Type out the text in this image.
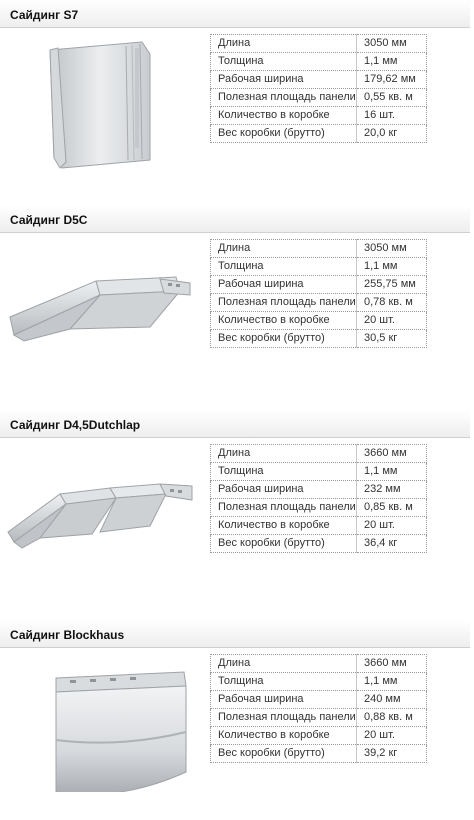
Сайдинг S7
Длина	3050 мм
Толщина	1,1 мм
Рабочая ширина	179,62 мм
Полезная площадь панели	0,55 кв. м
Количество в коробке	16 шт.
Вес коробки (брутто)	20,0 кг
Сайдинг D5C
Длина	3050 мм
Толщина	1,1 мм
Рабочая ширина	255,75 мм
Полезная площадь панели	0,78 кв. м
Количество в коробке	20 шт.
Вес коробки (брутто)	30,5 кг
Сайдинг D4,5Dutchlap
Длина	3660 мм
Толщина	1,1 мм
Рабочая ширина	232 мм
Полезная площадь панели	0,85 кв. м
Количество в коробке	20 шт.
Вес коробки (брутто)	36,4 кг
Сайдинг Blockhaus
Длина	3660 мм
Толщина	1,1 мм
Рабочая ширина	240 мм
Полезная площадь панели	0,88 кв. м
Количество в коробке	20 шт.
Вес коробки (брутто)	39,2 кг
